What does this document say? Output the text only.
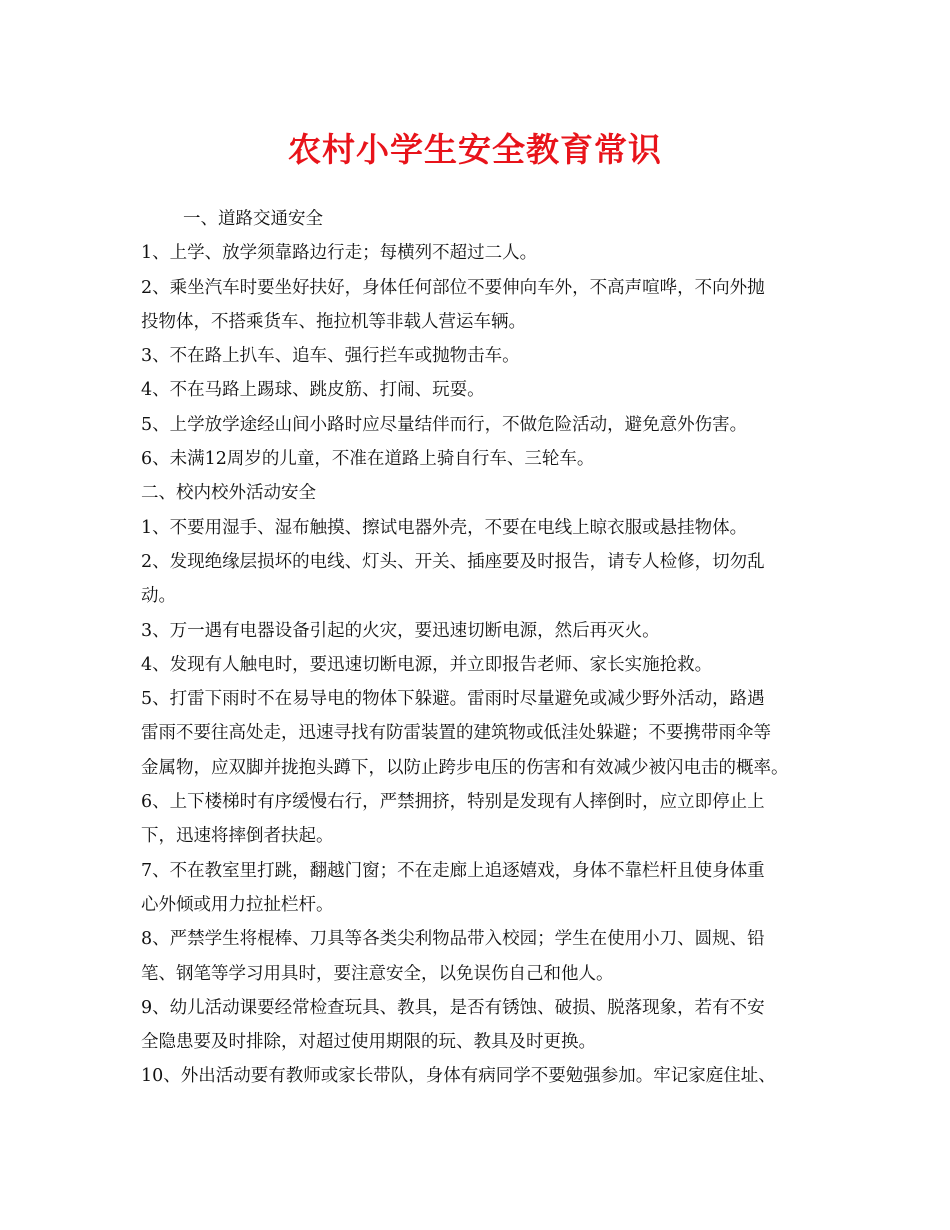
农村小学生安全教育常识
一、道路交通安全
1、上学、放学须靠路边行走；每横列不超过二人。
2、乘坐汽车时要坐好扶好，身体任何部位不要伸向车外，不高声喧哗，不向外抛
投物体，不搭乘货车、拖拉机等非载人营运车辆。
3、不在路上扒车、追车、强行拦车或抛物击车。
4、不在马路上踢球、跳皮筋、打闹、玩耍。
5、上学放学途经山间小路时应尽量结伴而行，不做危险活动，避免意外伤害。
6、未满12周岁的儿童，不准在道路上骑自行车、三轮车。
二、校内校外活动安全
1、不要用湿手、湿布触摸、擦试电器外壳，不要在电线上晾衣服或悬挂物体。
2、发现绝缘层损坏的电线、灯头、开关、插座要及时报告，请专人检修，切勿乱
动。
3、万一遇有电器设备引起的火灾，要迅速切断电源，然后再灭火。
4、发现有人触电时，要迅速切断电源，并立即报告老师、家长实施抢救。
5、打雷下雨时不在易导电的物体下躲避。雷雨时尽量避免或减少野外活动，路遇
雷雨不要往高处走，迅速寻找有防雷装置的建筑物或低洼处躲避；不要携带雨伞等
金属物，应双脚并拢抱头蹲下，以防止跨步电压的伤害和有效减少被闪电击的概率。
6、上下楼梯时有序缓慢右行，严禁拥挤，特别是发现有人摔倒时，应立即停止上
下，迅速将摔倒者扶起。
7、不在教室里打跳，翻越门窗；不在走廊上追逐嬉戏，身体不靠栏杆且使身体重
心外倾或用力拉扯栏杆。
8、严禁学生将棍棒、刀具等各类尖利物品带入校园；学生在使用小刀、圆规、铅
笔、钢笔等学习用具时，要注意安全，以免误伤自己和他人。
9、幼儿活动课要经常检查玩具、教具，是否有锈蚀、破损、脱落现象，若有不安
全隐患要及时排除，对超过使用期限的玩、教具及时更换。
10、外出活动要有教师或家长带队，身体有病同学不要勉强参加。牢记家庭住址、
